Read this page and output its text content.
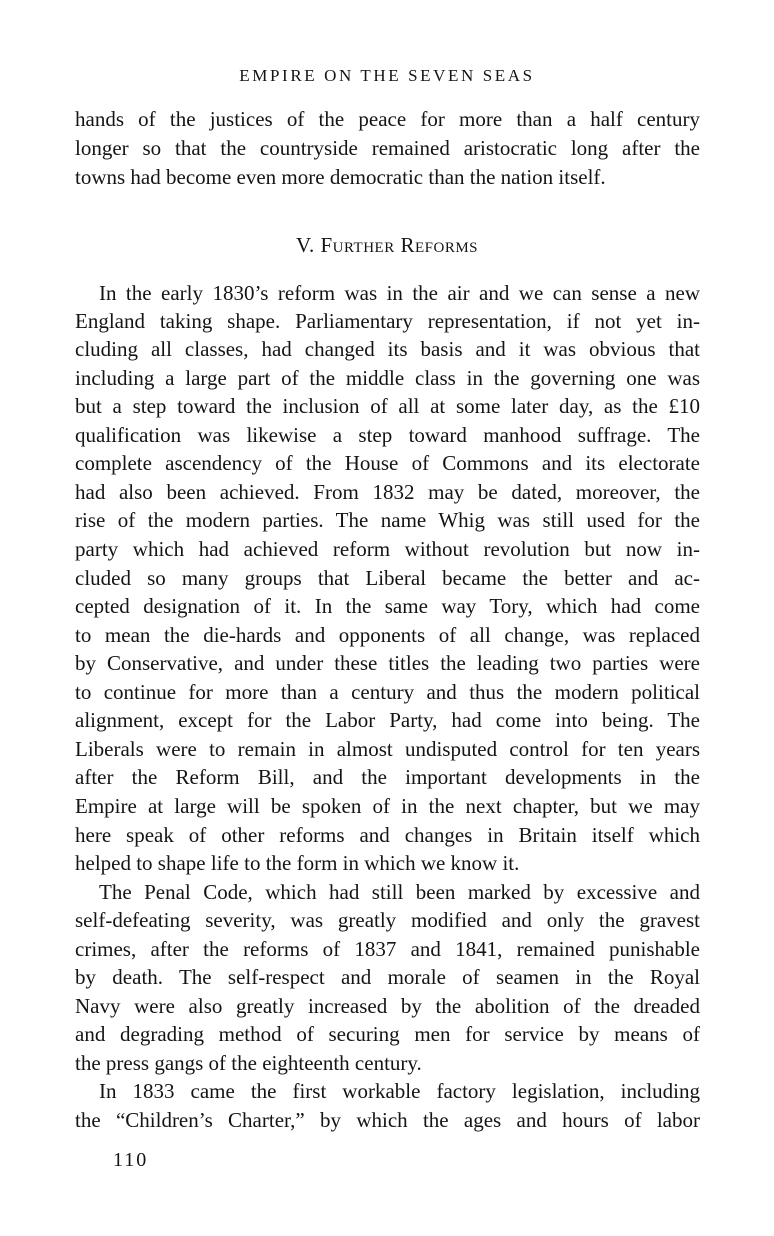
EMPIRE ON THE SEVEN SEAS
hands of the justices of the peace for more than a half century
longer so that the countryside remained aristocratic long after the
towns had become even more democratic than the nation itself.
V. Further Reforms
In the early 1830’s reform was in the air and we can sense a new
England taking shape. Parliamentary representation, if not yet in-
cluding all classes, had changed its basis and it was obvious that
including a large part of the middle class in the governing one was
but a step toward the inclusion of all at some later day, as the £10
qualification was likewise a step toward manhood suffrage. The
complete ascendency of the House of Commons and its electorate
had also been achieved. From 1832 may be dated, moreover, the
rise of the modern parties. The name Whig was still used for the
party which had achieved reform without revolution but now in-
cluded so many groups that Liberal became the better and ac-
cepted designation of it. In the same way Tory, which had come
to mean the die-hards and opponents of all change, was replaced
by Conservative, and under these titles the leading two parties were
to continue for more than a century and thus the modern political
alignment, except for the Labor Party, had come into being. The
Liberals were to remain in almost undisputed control for ten years
after the Reform Bill, and the important developments in the
Empire at large will be spoken of in the next chapter, but we may
here speak of other reforms and changes in Britain itself which
helped to shape life to the form in which we know it.
The Penal Code, which had still been marked by excessive and
self-defeating severity, was greatly modified and only the gravest
crimes, after the reforms of 1837 and 1841, remained punishable
by death. The self-respect and morale of seamen in the Royal
Navy were also greatly increased by the abolition of the dreaded
and degrading method of securing men for service by means of
the press gangs of the eighteenth century.
In 1833 came the first workable factory legislation, including
the “Children’s Charter,” by which the ages and hours of labor
110
